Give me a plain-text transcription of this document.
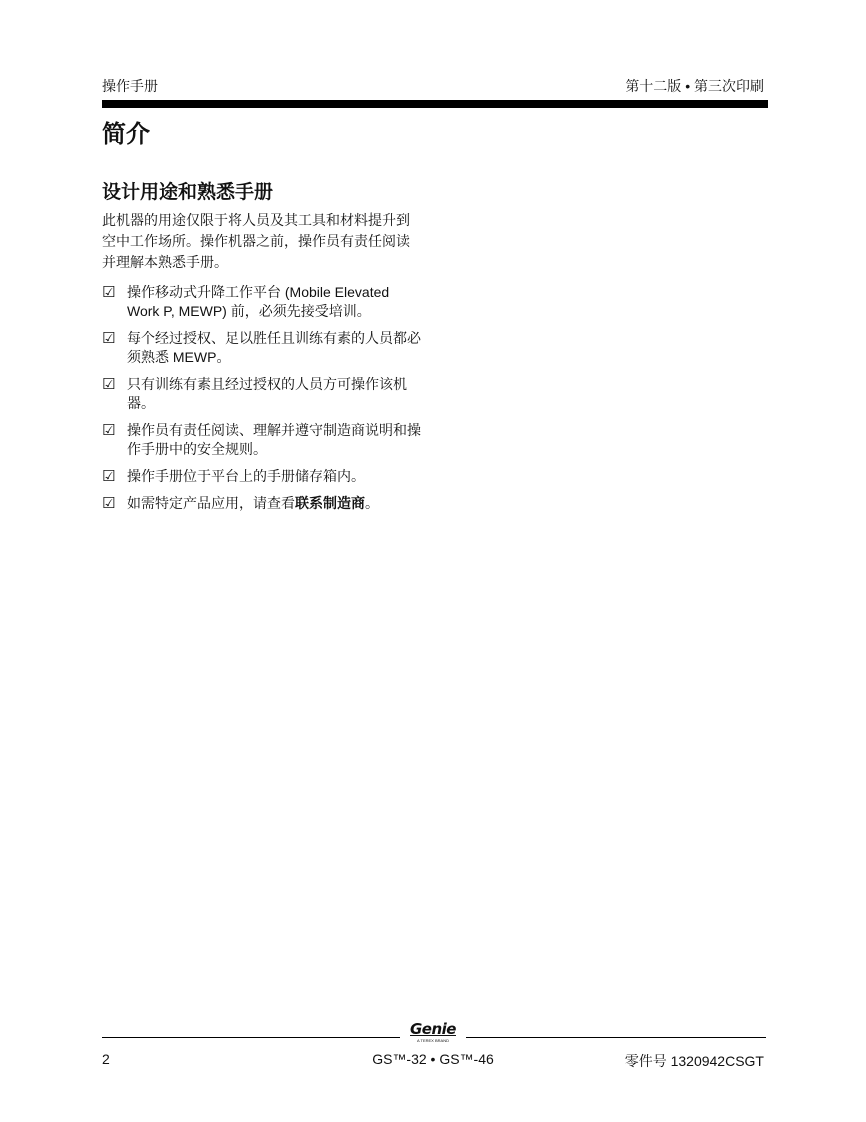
操作手册	第十二版 • 第三次印刷
简介
设计用途和熟悉手册

此机器的用途仅限于将人员及其工具和材料提升到空中工作场所。操作机器之前，操作员有责任阅读并理解本熟悉手册。

☑ 操作移动式升降工作平台 (Mobile Elevated Work P, MEWP) 前，必须先接受培训。
☑ 每个经过授权、足以胜任且训练有素的人员都必须熟悉 MEWP。
☑ 只有训练有素且经过授权的人员方可操作该机器。
☑ 操作员有责任阅读、理解并遵守制造商说明和操作手册中的安全规则。
☑ 操作手册位于平台上的手册储存箱内。
☑ 如需特定产品应用，请查看联系制造商。
Genie
A TEREX BRAND
2	GS™-32 • GS™-46	零件号 1320942CSGT
